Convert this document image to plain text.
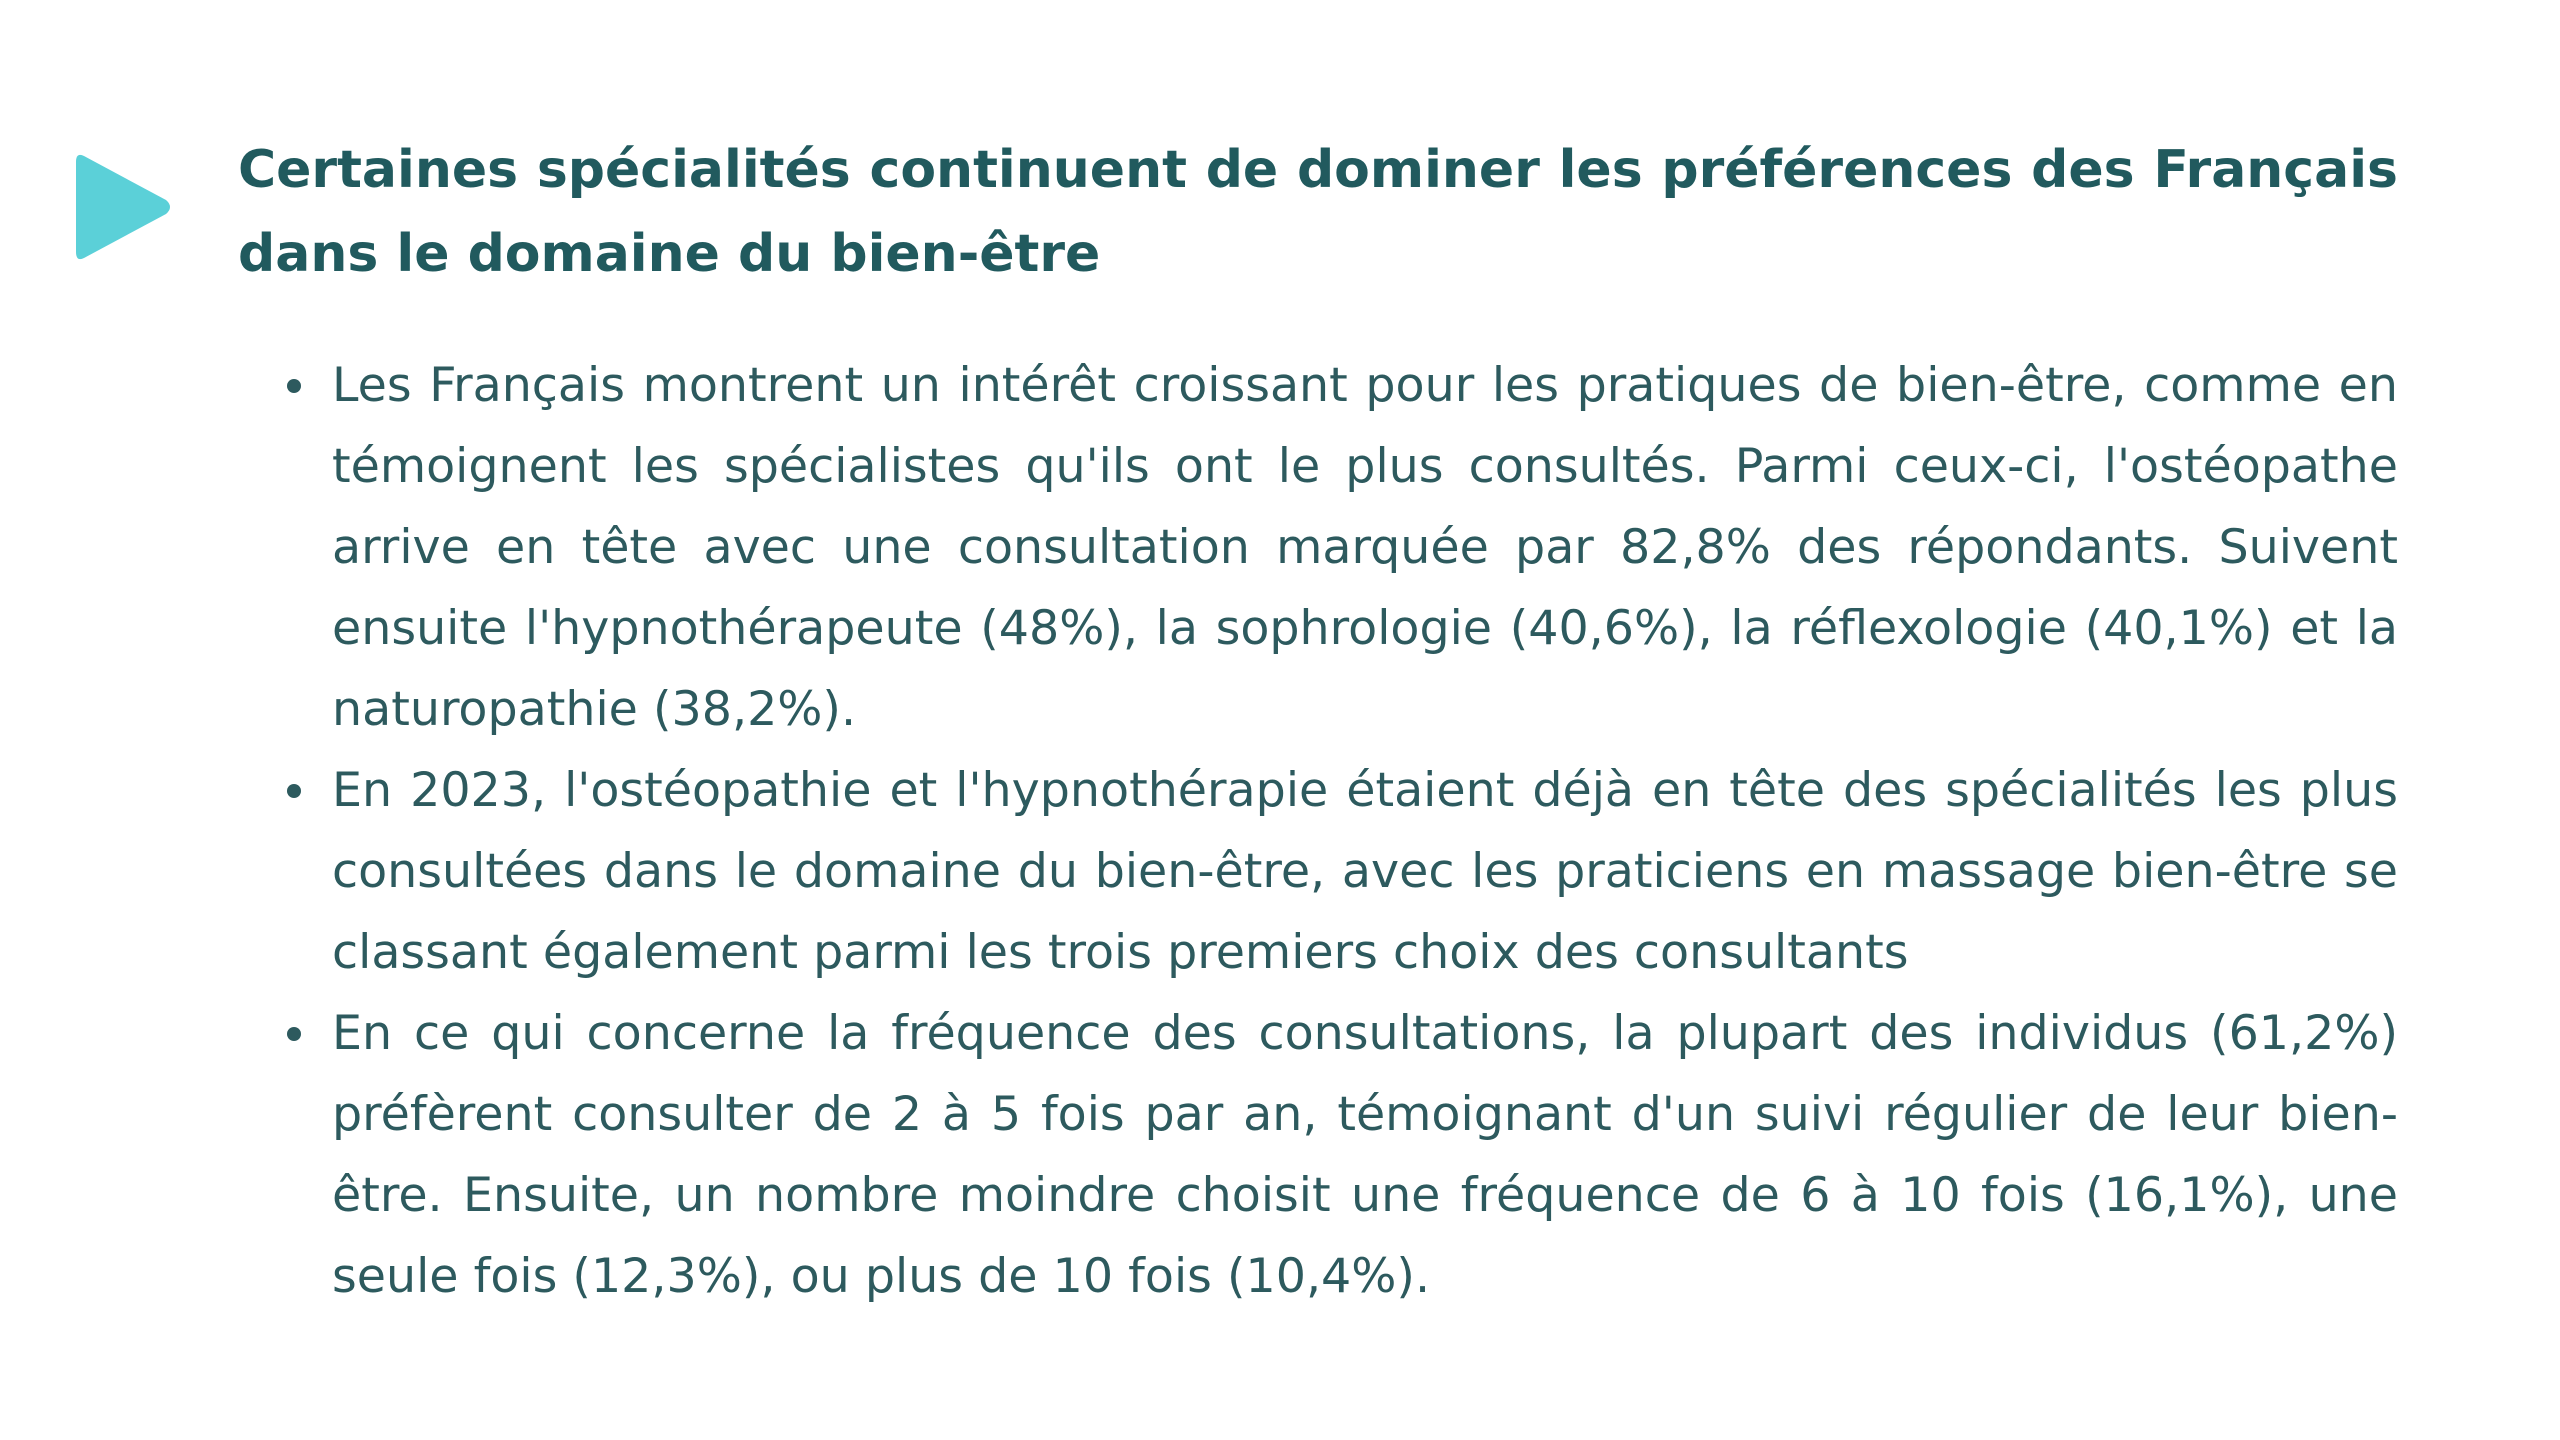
Certaines spécialités continuent de dominer les préférences des Français dans le domaine du bien-être
Les Français montrent un intérêt croissant pour les pratiques de bien-être, comme en témoignent les spécialistes qu'ils ont le plus consultés. Parmi ceux-ci, l'ostéopathe arrive en tête avec une consultation marquée par 82,8% des répondants. Suivent ensuite l'hypnothérapeute (48%), la sophrologie (40,6%), la réflexologie (40,1%) et la naturopathie (38,2%).
En 2023, l'ostéopathie et l'hypnothérapie étaient déjà en tête des spécialités les plus consultées dans le domaine du bien-être, avec les praticiens en massage bien-être se classant également parmi les trois premiers choix des consultants
En ce qui concerne la fréquence des consultations, la plupart des individus (61,2%) préfèrent consulter de 2 à 5 fois par an, témoignant d'un suivi régulier de leur bien-être. Ensuite, un nombre moindre choisit une fréquence de 6 à 10 fois (16,1%), une seule fois (12,3%), ou plus de 10 fois (10,4%).
